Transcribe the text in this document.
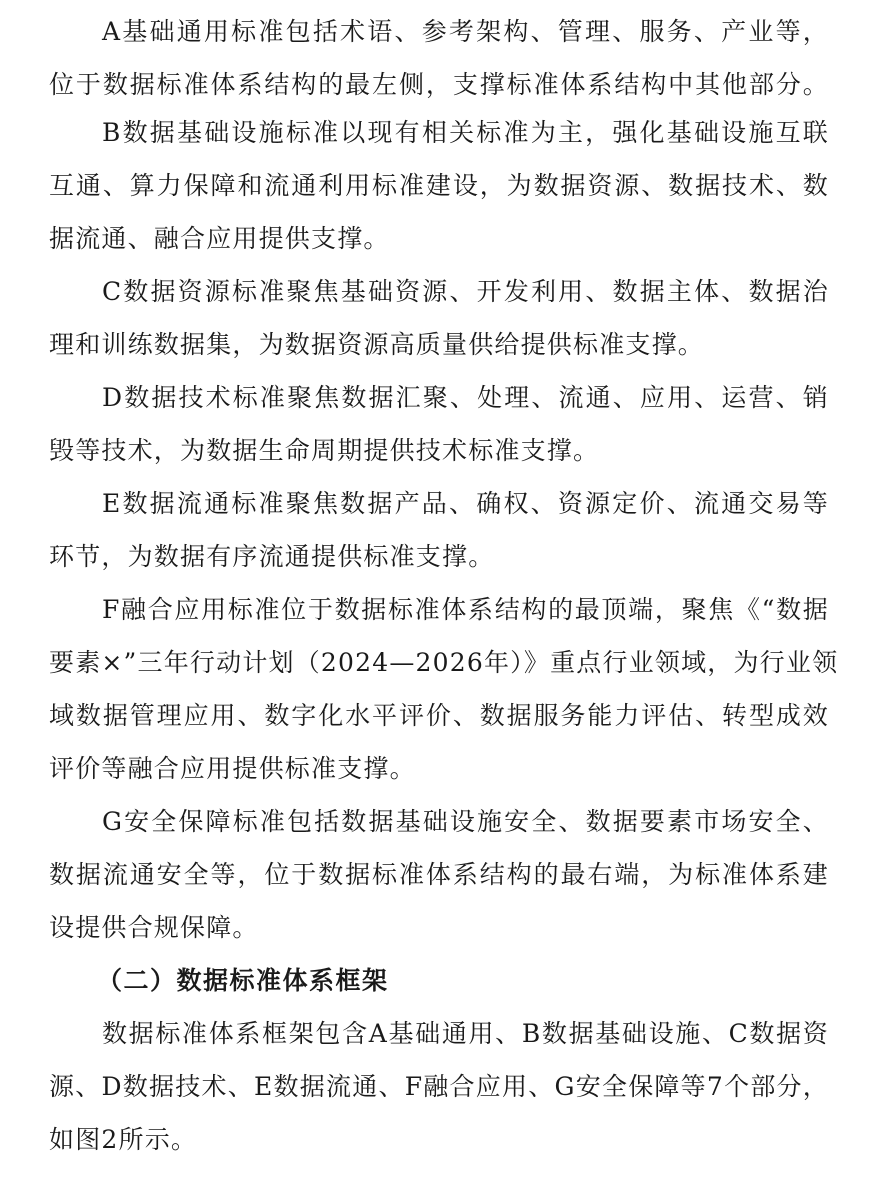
A基础通用标准包括术语、参考架构、管理、服务、产业等，
位于数据标准体系结构的最左侧，支撑标准体系结构中其他部分。
B数据基础设施标准以现有相关标准为主，强化基础设施互联
互通、算力保障和流通利用标准建设，为数据资源、数据技术、数
据流通、融合应用提供支撑。
C数据资源标准聚焦基础资源、开发利用、数据主体、数据治
理和训练数据集，为数据资源高质量供给提供标准支撑。
D数据技术标准聚焦数据汇聚、处理、流通、应用、运营、销
毁等技术，为数据生命周期提供技术标准支撑。
E数据流通标准聚焦数据产品、确权、资源定价、流通交易等
环节，为数据有序流通提供标准支撑。
F融合应用标准位于数据标准体系结构的最顶端，聚焦《“数据
要素×”三年行动计划（2024—2026年）》重点行业领域，为行业领
域数据管理应用、数字化水平评价、数据服务能力评估、转型成效
评价等融合应用提供标准支撑。
G安全保障标准包括数据基础设施安全、数据要素市场安全、
数据流通安全等，位于数据标准体系结构的最右端，为标准体系建
设提供合规保障。
（二）数据标准体系框架
数据标准体系框架包含A基础通用、B数据基础设施、C数据资
源、D数据技术、E数据流通、F融合应用、G安全保障等7个部分，
如图2所示。
